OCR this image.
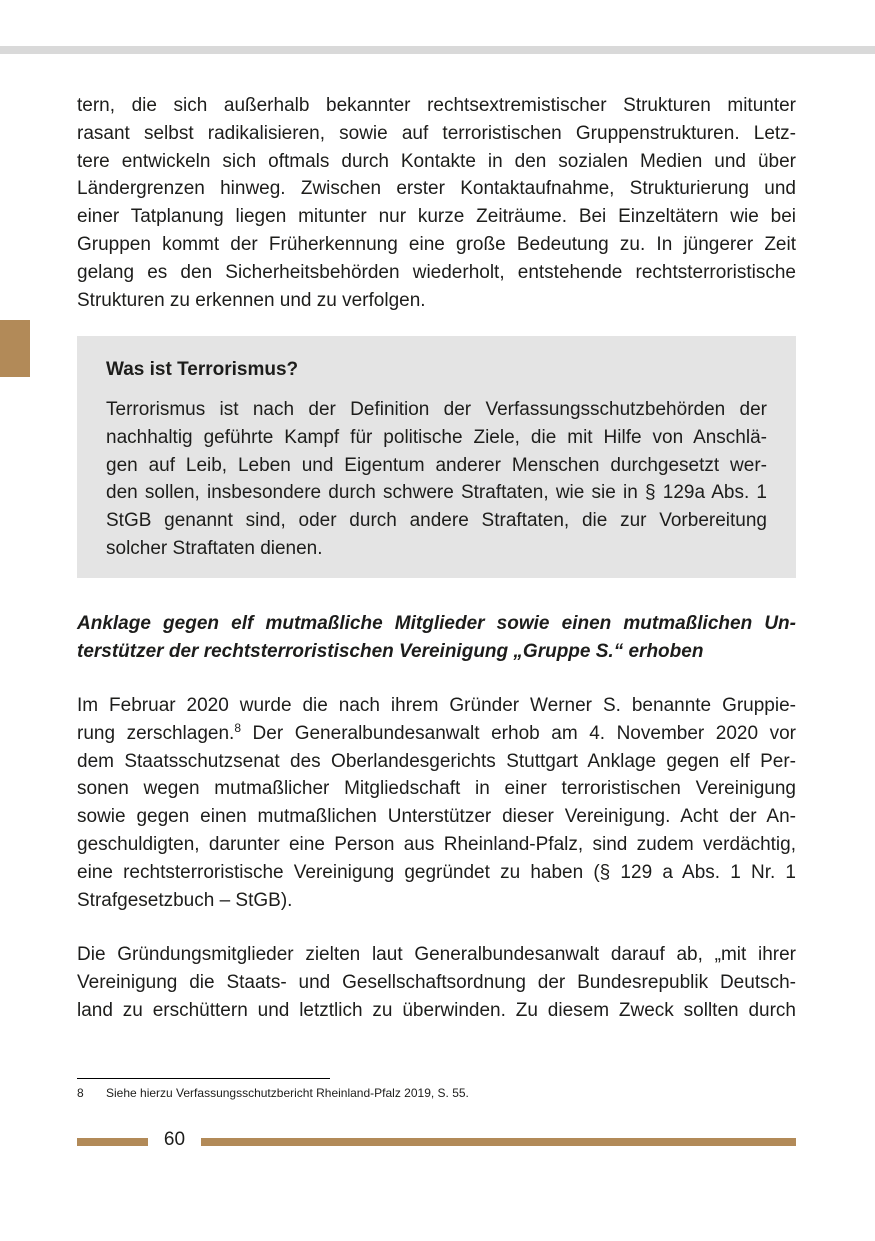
tern, die sich außerhalb bekannter rechtsextremistischer Strukturen mitunter
rasant selbst radikalisieren, sowie auf terroristischen Gruppenstrukturen. Letz-
tere entwickeln sich oftmals durch Kontakte in den sozialen Medien und über
Ländergrenzen hinweg. Zwischen erster Kontaktaufnahme, Strukturierung und
einer Tatplanung liegen mitunter nur kurze Zeiträume. Bei Einzeltätern wie bei
Gruppen kommt der Früherkennung eine große Bedeutung zu. In jüngerer Zeit
gelang es den Sicherheitsbehörden wiederholt, entstehende rechtsterroristische
Strukturen zu erkennen und zu verfolgen.
Was ist Terrorismus?
Terrorismus ist nach der Definition der Verfassungsschutzbehörden der
nachhaltig geführte Kampf für politische Ziele, die mit Hilfe von Anschlä-
gen auf Leib, Leben und Eigentum anderer Menschen durchgesetzt wer-
den sollen, insbesondere durch schwere Straftaten, wie sie in § 129a Abs. 1
StGB genannt sind, oder durch andere Straftaten, die zur Vorbereitung
solcher Straftaten dienen.
Anklage gegen elf mutmaßliche Mitglieder sowie einen mutmaßlichen Un-
terstützer der rechtsterroristischen Vereinigung „Gruppe S.“ erhoben
Im Februar 2020 wurde die nach ihrem Gründer Werner S. benannte Gruppie-
rung zerschlagen.$^8$ Der Generalbundesanwalt erhob am 4. November 2020 vor
dem Staatsschutzsenat des Oberlandesgerichts Stuttgart Anklage gegen elf Per-
sonen wegen mutmaßlicher Mitgliedschaft in einer terroristischen Vereinigung
sowie gegen einen mutmaßlichen Unterstützer dieser Vereinigung. Acht der An-
geschuldigten, darunter eine Person aus Rheinland-Pfalz, sind zudem verdächtig,
eine rechtsterroristische Vereinigung gegründet zu haben (§ 129 a Abs. 1 Nr. 1
Strafgesetzbuch – StGB).
Die Gründungsmitglieder zielten laut Generalbundesanwalt darauf ab, „mit ihrer
Vereinigung die Staats- und Gesellschaftsordnung der Bundesrepublik Deutsch-
land zu erschüttern und letztlich zu überwinden. Zu diesem Zweck sollten durch
8 Siehe hierzu Verfassungsschutzbericht Rheinland-Pfalz 2019, S. 55.
60
